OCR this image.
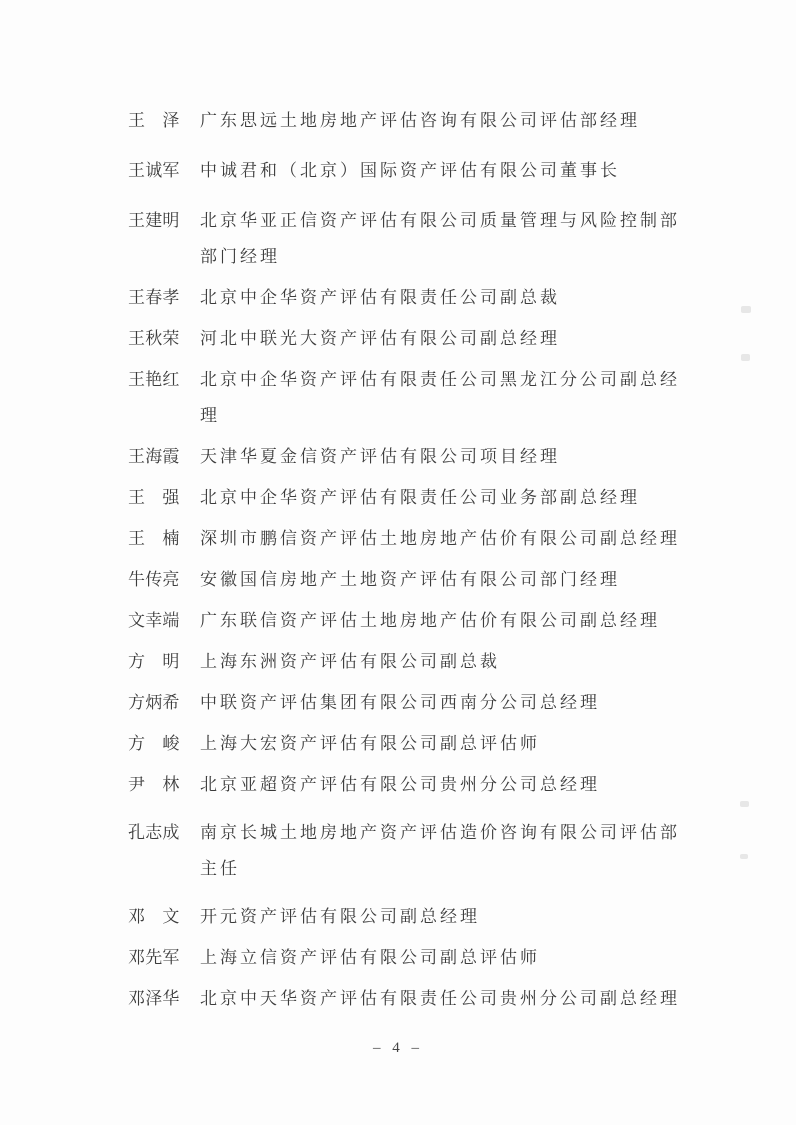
王　泽 广东思远土地房地产评估咨询有限公司评估部经理
王诚军 中诚君和（北京）国际资产评估有限公司董事长
王建明 北京华亚正信资产评估有限公司质量管理与风险控制部部门经理
王春孝 北京中企华资产评估有限责任公司副总裁
王秋荣 河北中联光大资产评估有限公司副总经理
王艳红 北京中企华资产评估有限责任公司黑龙江分公司副总经理
王海霞 天津华夏金信资产评估有限公司项目经理
王　强 北京中企华资产评估有限责任公司业务部副总经理
王　楠 深圳市鹏信资产评估土地房地产估价有限公司副总经理
牛传亮 安徽国信房地产土地资产评估有限公司部门经理
文幸端 广东联信资产评估土地房地产估价有限公司副总经理
方　明 上海东洲资产评估有限公司副总裁
方炳希 中联资产评估集团有限公司西南分公司总经理
方　峻 上海大宏资产评估有限公司副总评估师
尹　林 北京亚超资产评估有限公司贵州分公司总经理
孔志成 南京长城土地房地产资产评估造价咨询有限公司评估部主任
邓　文 开元资产评估有限公司副总经理
邓先军 上海立信资产评估有限公司副总评估师
邓泽华 北京中天华资产评估有限责任公司贵州分公司副总经理
– 4 –
